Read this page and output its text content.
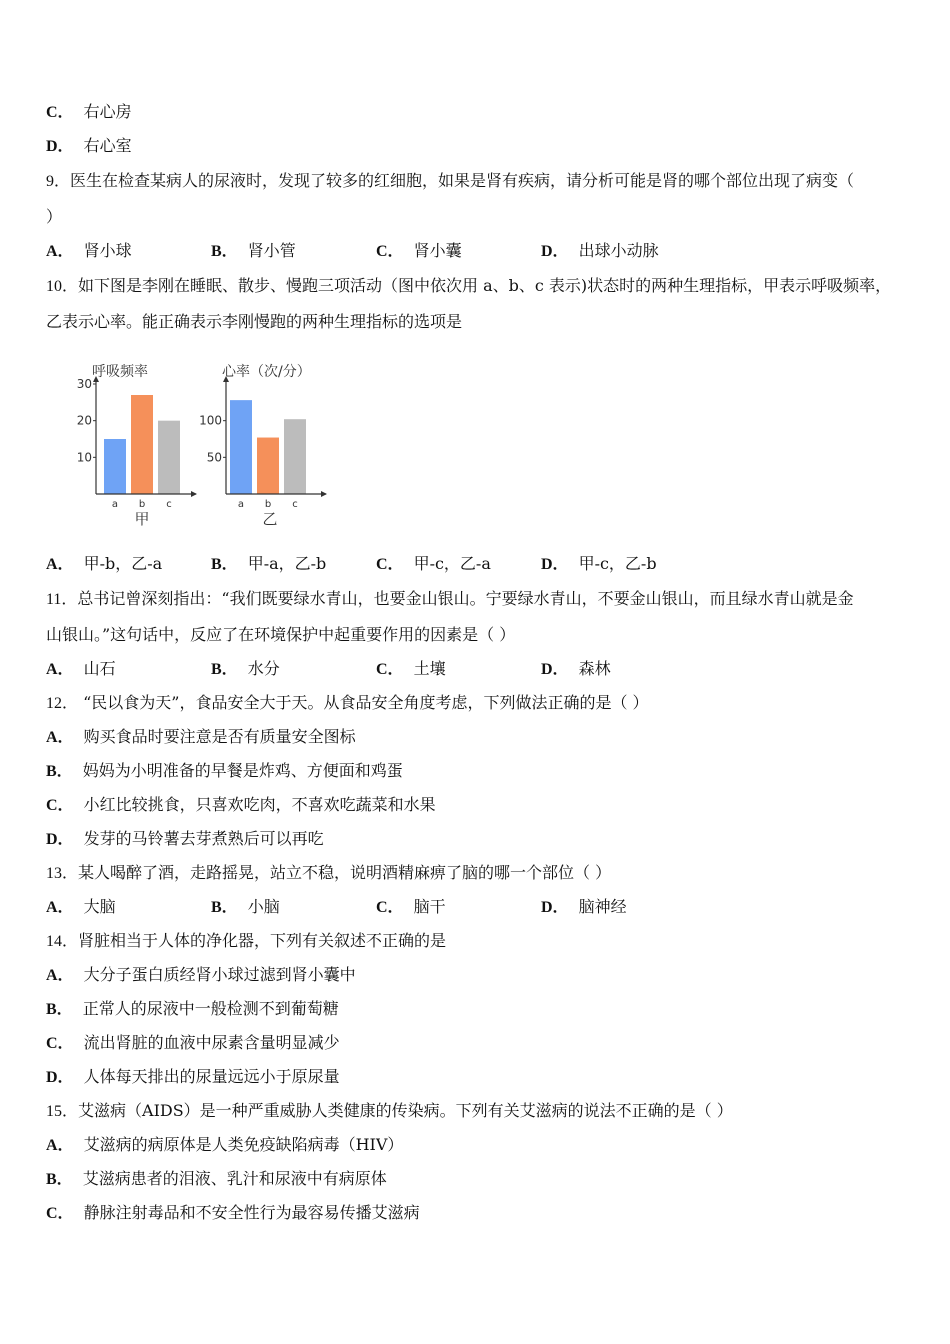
C． 右心房
D． 右心室
9．医生在检查某病人的尿液时，发现了较多的红细胞，如果是肾有疾病，请分析可能是肾的哪个部位出现了病变（
）
A． 肾小球	B． 肾小管	C． 肾小囊	D． 出球小动脉
10．如下图是李刚在睡眠、散步、慢跑三项活动（图中依次用 a、b、c 表示)状态时的两种生理指标，甲表示呼吸频率，
乙表示心率。能正确表示李刚慢跑的两种生理指标的选项是
a b c
10
20
30
呼吸频率
甲
a b c
50
100
心率（次/分）
乙
A． 甲-b，乙-a	B． 甲-a，乙-b	C． 甲-c，乙-a	D． 甲-c，乙-b
11．总书记曾深刻指出：“我们既要绿水青山，也要金山银山。宁要绿水青山，不要金山银山，而且绿水青山就是金
山银山。”这句话中，反应了在环境保护中起重要作用的因素是（ ）
A． 山石	B． 水分	C． 土壤	D． 森林
12． “民以食为天”，食品安全大于天。从食品安全角度考虑，下列做法正确的是（ ）
A． 购买食品时要注意是否有质量安全图标
B． 妈妈为小明准备的早餐是炸鸡、方便面和鸡蛋
C． 小红比较挑食，只喜欢吃肉，不喜欢吃蔬菜和水果
D． 发芽的马铃薯去芽煮熟后可以再吃
13．某人喝醉了酒，走路摇晃，站立不稳，说明酒精麻痹了脑的哪一个部位（ ）
A． 大脑	B． 小脑	C． 脑干	D． 脑神经
14．肾脏相当于人体的净化器，下列有关叙述不正确的是
A． 大分子蛋白质经肾小球过滤到肾小囊中
B． 正常人的尿液中一般检测不到葡萄糖
C． 流出肾脏的血液中尿素含量明显减少
D． 人体每天排出的尿量远远小于原尿量
15．艾滋病（AIDS）是一种严重威胁人类健康的传染病。下列有关艾滋病的说法不正确的是（ ）
A． 艾滋病的病原体是人类免疫缺陷病毒（HIV）
B． 艾滋病患者的泪液、乳汁和尿液中有病原体
C． 静脉注射毒品和不安全性行为最容易传播艾滋病
